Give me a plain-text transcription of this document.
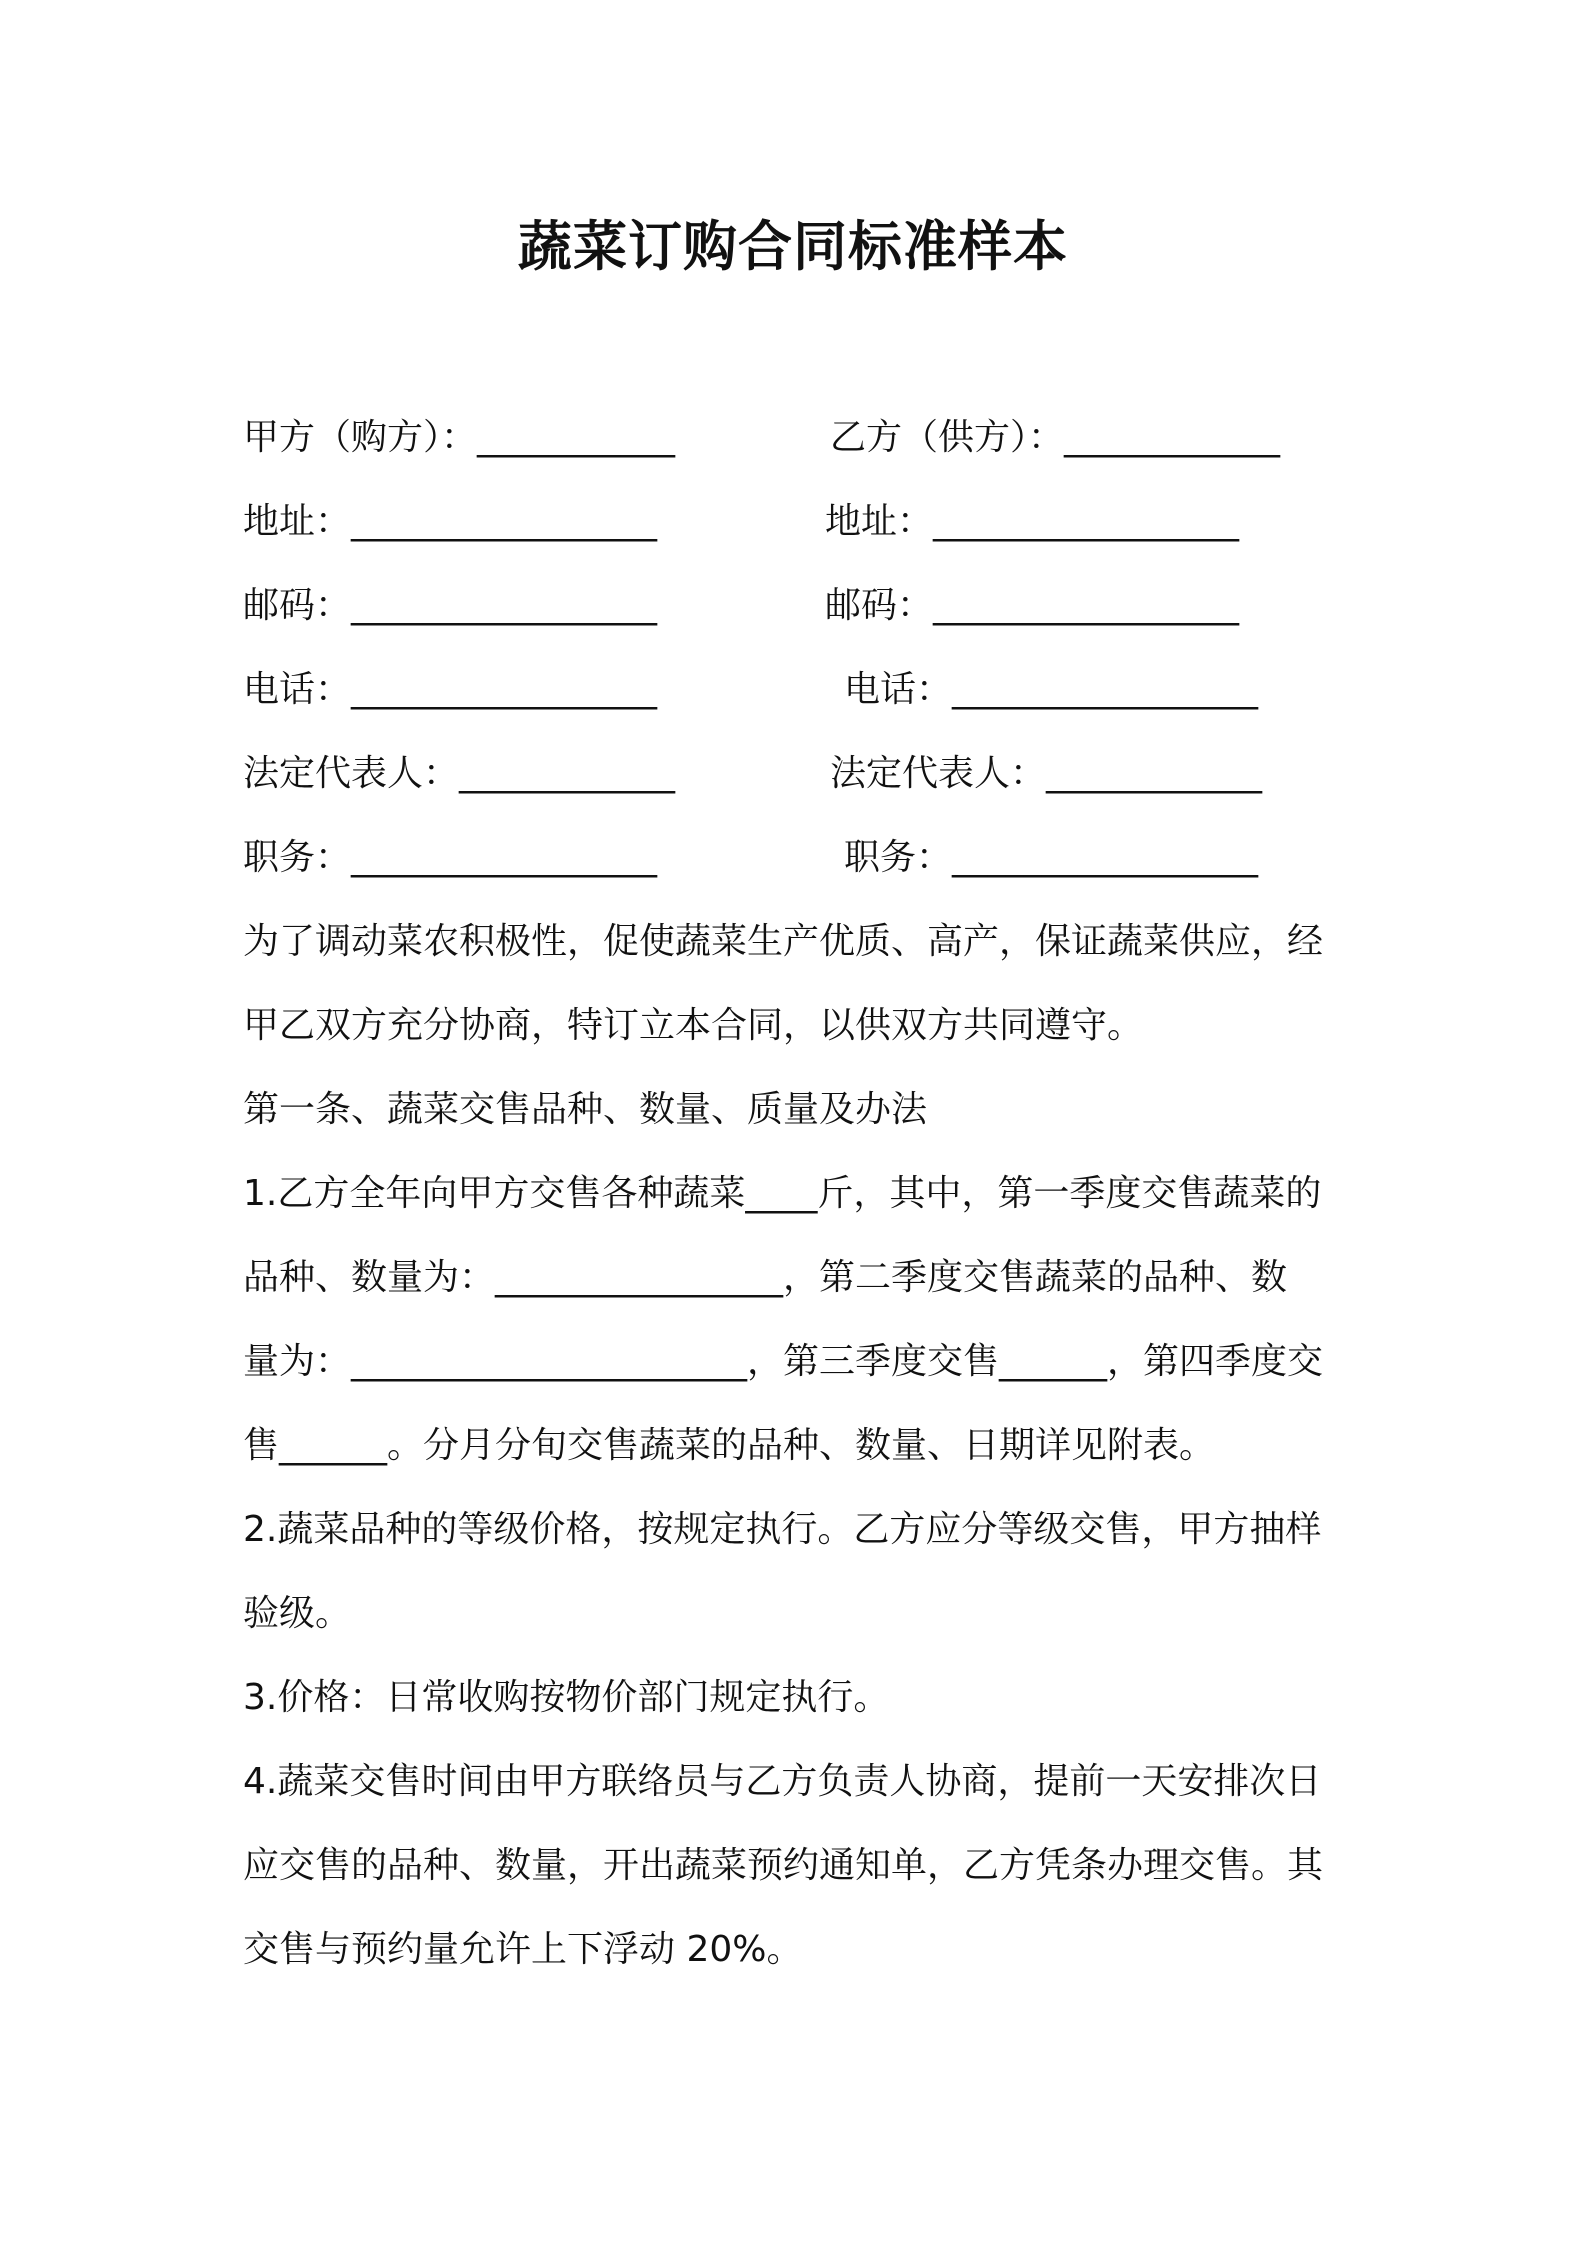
蔬菜订购合同标准样本
甲方（购方）：___________	乙方（供方）：____________
地址：_________________	地址：_________________
邮码：_________________	邮码：_________________
电话：_________________	电话：_________________
法定代表人：____________	法定代表人：____________
职务：_________________	职务：_________________

为了调动菜农积极性，促使蔬菜生产优质、高产，保证蔬菜供应，经

甲乙双方充分协商，特订立本合同，以供双方共同遵守。

第一条、蔬菜交售品种、数量、质量及办法

1.乙方全年向甲方交售各种蔬菜____斤，其中，第一季度交售蔬菜的

品种、数量为：________________，第二季度交售蔬菜的品种、数

量为：______________________，第三季度交售______，第四季度交

售______。分月分旬交售蔬菜的品种、数量、日期详见附表。

2.蔬菜品种的等级价格，按规定执行。乙方应分等级交售，甲方抽样

验级。

3.价格：日常收购按物价部门规定执行。

4.蔬菜交售时间由甲方联络员与乙方负责人协商，提前一天安排次日

应交售的品种、数量，开出蔬菜预约通知单，乙方凭条办理交售。其

交售与预约量允许上下浮动 20%。
